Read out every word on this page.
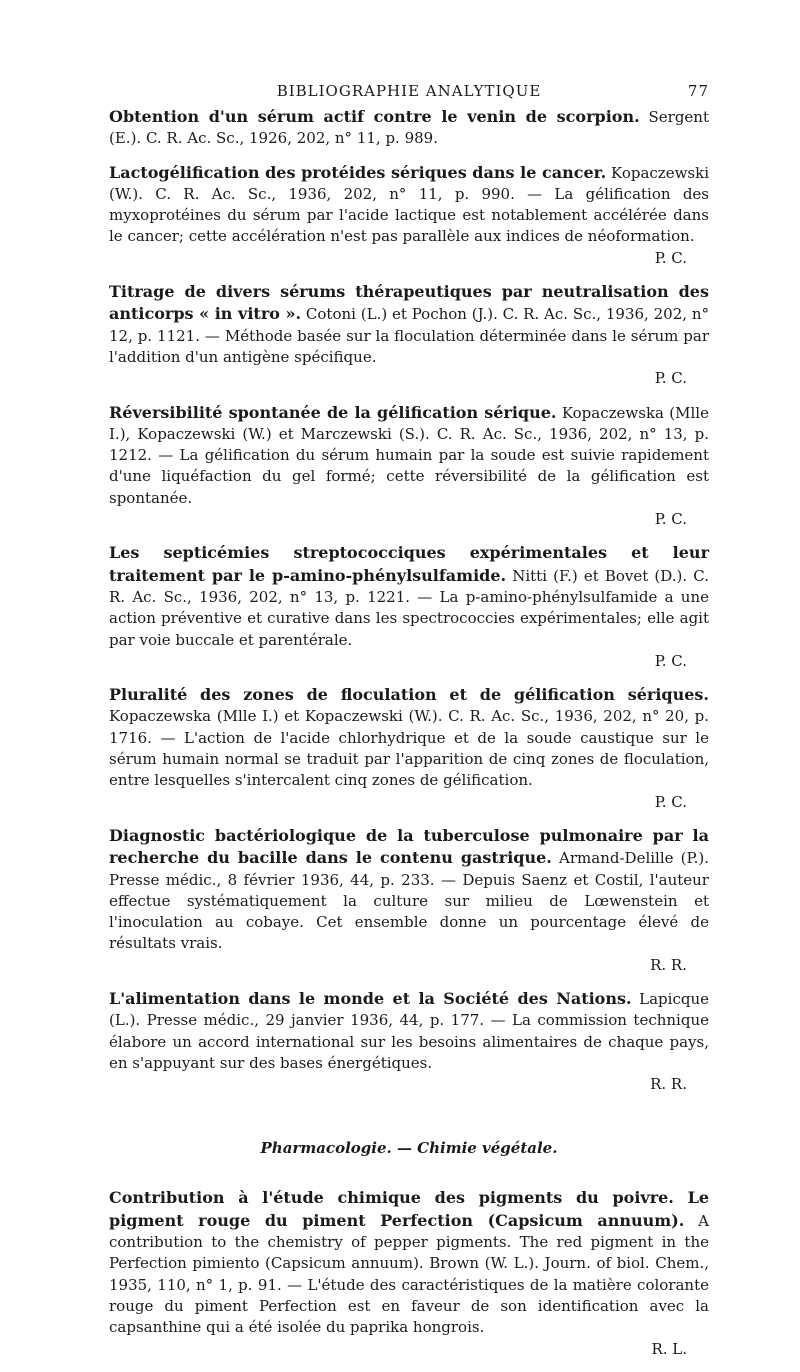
BIBLIOGRAPHIE ANALYTIQUE	77
Obtention d'un sérum actif contre le venin de scorpion. Sergent (E.). C. R. Ac. Sc., 1926, 202, n° 11, p. 989.
Lactogélification des protéides sériques dans le cancer. Kopaczewski (W.). C. R. Ac. Sc., 1936, 202, n° 11, p. 990. — La gélification des myxoprotéines du sérum par l'acide lactique est notablement accélérée dans le cancer; cette accélération n'est pas parallèle aux indices de néoformation.
P. C.
Titrage de divers sérums thérapeutiques par neutralisation des anticorps « in vitro ». Cotoni (L.) et Pochon (J.). C. R. Ac. Sc., 1936, 202, n° 12, p. 1121. — Méthode basée sur la floculation déterminée dans le sérum par l'addition d'un antigène spécifique.
P. C.
Réversibilité spontanée de la gélification sérique. Kopaczewska (Mlle I.), Kopaczewski (W.) et Marczewski (S.). C. R. Ac. Sc., 1936, 202, n° 13, p. 1212. — La gélification du sérum humain par la soude est suivie rapidement d'une liquéfaction du gel formé; cette réversibilité de la gélification est spontanée.
P. C.
Les septicémies streptococciques expérimentales et leur traitement par le p-amino-phénylsulfamide. Nitti (F.) et Bovet (D.). C. R. Ac. Sc., 1936, 202, n° 13, p. 1221. — La p-amino-phénylsulfamide a une action préventive et curative dans les spectrococcies expérimentales; elle agit par voie buccale et parentérale.
P. C.
Pluralité des zones de floculation et de gélification sériques. Kopaczewska (Mlle I.) et Kopaczewski (W.). C. R. Ac. Sc., 1936, 202, n° 20, p. 1716. — L'action de l'acide chlorhydrique et de la soude caustique sur le sérum humain normal se traduit par l'apparition de cinq zones de floculation, entre lesquelles s'intercalent cinq zones de gélification.
P. C.
Diagnostic bactériologique de la tuberculose pulmonaire par la recherche du bacille dans le contenu gastrique. Armand-Delille (P.). Presse médic., 8 février 1936, 44, p. 233. — Depuis Saenz et Costil, l'auteur effectue systématiquement la culture sur milieu de Lœwenstein et l'inoculation au cobaye. Cet ensemble donne un pourcentage élevé de résultats vrais.
R. R.
L'alimentation dans le monde et la Société des Nations. Lapicque (L.). Presse médic., 29 janvier 1936, 44, p. 177. — La commission technique élabore un accord international sur les besoins alimentaires de chaque pays, en s'appuyant sur des bases énergétiques.
R. R.
Pharmacologie. — Chimie végétale.
Contribution à l'étude chimique des pigments du poivre. Le pigment rouge du piment Perfection (Capsicum annuum). A contribution to the chemistry of pepper pigments. The red pigment in the Perfection pimiento (Capsicum annuum). Brown (W. L.). Journ. of biol. Chem., 1935, 110, n° 1, p. 91. — L'étude des caractéristiques de la matière colorante rouge du piment Perfection est en faveur de son identification avec la capsanthine qui a été isolée du paprika hongrois.
R. L.
